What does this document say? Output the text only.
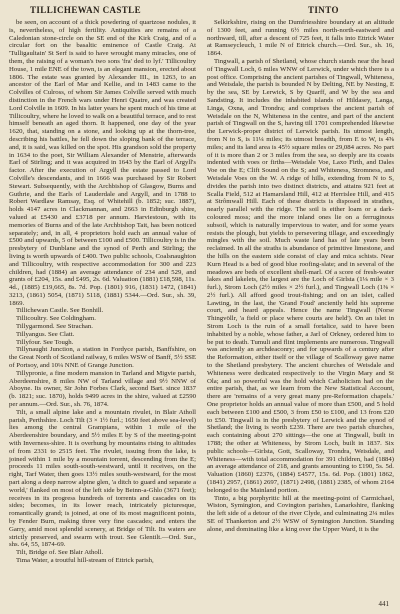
TILLICHEWAN CASTLE	TINTO

be seen, on account of a thick powdering of quartzose nodules, it is, nevertheless, of high fertility. Antiquities are remains of a Caledonian stone-circle on the SE end of the Kirk Craig, and of a circular fort on the basaltic eminence of Castle Craig. At 'Tulligaultain' St Serf is said to have wrought many miracles, one of them, the raising of a woman's two sons 'fra' ded to lyf.' Tillicoultry House, 1 mile ENE of the town, is an elegant mansion, erected about 1806. The estate was granted by Alexander III., in 1263, to an ancestor of the Earl of Mar and Kellie, and in 1483 came to the Colvilles of Culross, of whom Sir James Colville served with much distinction in the French wars under Henri Quatre, and was created Lord Colville in 1609. In his latter years he spent much of his time at Tillicoultry, where he loved to walk on a beautiful terrace, and to rest himself beneath an aged thorn. It happened, one day of the year 1620, that, standing on a stone, and looking up at the thorn-tree, describing his battles, he fell down the sloping bank of the terrace, and, it is said, was killed on the spot. His grandson sold the property in 1634 to the poet, Sir William Alexander of Menstrie, afterwards Earl of Stirling; and it was acquired in 1643 by the Earl of Argyll's factor. After the execution of Argyll the estate passed to Lord Colville's descendants, and in 1666 was purchased by Sir Robert Stewart. Subsequently, with the Archbishop of Glasgow, Burns and Guthrie, and the Earls of Lauderdale and Argyll, and in 1788 to Robert Wardlaw Ramsay, Esq. of Whitehill (b. 1852; suc. 1887), holds 4147 acres in Clackmannan, and 2663 in Edinburgh shire, valued at £5430 and £3718 per annum. Harviestoun, with its memories of Burns and of the late Archbishop Tait, has been noticed separately; and, in all, 4 proprietors hold each an annual value of £500 and upwards, 5 of between £100 and £500. Tillicoultry is in the presbytery of Dunblane and the synod of Perth and Stirling; the living is worth upwards of £400. Two public schools, Coalsnaughton and Tillicoultry, with respective accommodation for 300 and 223 children, had (1884) an average attendance of 234 and 529, and grants of £204, 15s. and £495, 2s. 6d. Valuation (1881) £18,598, 11s. 4d., (1885) £19,665, 8s. 7d. Pop. (1801) 916, (1831) 1472, (1841) 3213, (1861) 5054, (1871) 5118, (1881) 5344.—Ord. Sur., sh. 39, 1869.

Tillichewan Castle. See Bonhill.

Tillicoultry. See Coldingham.

Tillygarmond. See Strachan.

Tillyangus. See Clatt.

Tillyfour. See Tough.

Tillynaught Junction, a station in Fordyce parish, Banffshire, on the Great North of Scotland railway, 6 miles WSW of Banff, 5½ SSE of Portsoy, and 10¼ NNE of Grange Junction.

Tillypronie, a fine modern mansion in Tarland and Migvie parish, Aberdeenshire, 8 miles NW of Tarland village and 9½ NNW of Aboyne. Its owner, Sir John Forbes Clark, second Bart. since 1837 (b. 1821; suc. 1870), holds 9499 acres in the shire, valued at £2590 per annum.—Ord. Sur., sh. 76, 1874.

Tilt, a small alpine lake and a mountain rivulet, in Blair Atholl parish, Perthshire. Loch Tilt (3 × 1½ furl.; 1650 feet above sea-level) lies among the central Grampians, within 1 mile of the Aberdeenshire boundary, and 5½ miles E by S of the meeting-point with Inverness-shire. It is overhung by mountains rising to altitudes of from 2331 to 2515 feet. The rivulet, issuing from the lake, is joined within 1 mile by a mountain torrent, descending from the E; proceeds 11 miles south-south-westward, until it receives, on the right, Tarf Water, then goes 13½ miles south-westward, for the most part along a deep narrow alpine glen, 'a ditch to guard and separate a world,' flanked on most of the left side by Beinn-a-Ghlo (3671 feet); receives in its progress hundreds of torrents and cascades on its sides; becomes, in its lower reach, intricately picturesque, romantically grand; is joined, at one of its most magnificent points, by Fender Burn, making three very fine cascades; and enters the Garry, amid most splendid scenery, at Bridge of Tilt. Its waters are strictly preserved, and swarm with trout. See Glentilt.—Ord. Sur., shs. 64, 55, 1874-69.

Tilt, Bridge of. See Blair Atholl.

Tima Water, a troutful hill-stream of Ettrick parish,

Selkirkshire, rising on the Dumfriesshire boundary at an altitude of 1300 feet, and running 6½ miles north-north-eastward and northward, till, after a descent of 725 feet, it falls into Ettrick Water at Ramseycleuch, 1 mile N of Ettrick church.—Ord. Sur., sh. 16, 1864.

Tingwall, a parish of Shetland, whose church stands near the head of Tingwall Loch, 6 miles WNW of Lerwick, under which there is a post office. Comprising the ancient parishes of Tingwall, Whiteness, and Weisdale, the parish is bounded N by Delting, NE by Nesting, E by the sea, SE by Lerwick, S by Quarff, and W by the sea and Sandsting. It includes the inhabited islands of Hildasey, Langa, Linga, Oxna, and Trondra; and comprises the ancient parish of Weisdale on the N, Whiteness in the centre, and part of the ancient parish of Tingwall on the S, having till 1701 comprehended likewise the Lerwick-proper district of Lerwick parish. Its utmost length, from N to S, is 11¼ miles; its utmost breadth, from E to W, is 4⅝ miles; and its land area is 45½ square miles or 29,084 acres. No part of it is more than 2 or 3 miles from the sea, so deeply are its coasts indented with voes or firths—Weisdale Voe, Laxo Firth, and Dales Voe on the E; Clift Sound on the S; and Whiteness, Stromness, and Weisdale Voes on the W. A ridge of hills, extending from N to S, divides the parish into two distinct districts, and attains 921 feet at Scalla Field, 512 at Hamarsland Hill, 412 at Herrislee Hill, and 415 at Strômwall Hill. Each of these districts is disposed in strathes, nearly parallel with the ridge. The soil is either loam or a dark-coloured moss; and the more inland ones lie on a ferruginous subsoil, which is naturally impervious to water, and for some years resists the plough, but yields to persevering tillage, and exceedingly mingles with the soil. Much waste land has of late years been reclaimed. In all the straths is abundance of primitive limestone, and the hills on the eastern side consist of clay and mica schists. Near Kurn Head is a bed of good blue roofing-slate; and in several of the meadows are beds of excellent shell-marl. Of a score of fresh-water lakes and lakelets, the largest are the Loch of Girlsta (1⅛ mile × 3 furl.), Strom Loch (2½ miles × 2½ furl.), and Tingwall Loch (1⅜ × 2½ furl.). All afford good trout-fishing; and on an islet, called Lawting, in the last, the 'Grand Foud' anciently held his supreme court, and heard appeals. Hence the name Tingwall (Norse Thingvöllr, 'a field or place where courts are held'). On an islet in Strom Loch is the ruin of a small fortalice, said to have been inhabited by a noble, whose father, a Jarl of Orkney, ordered him to be put to death. Tumuli and flint implements are numerous. Tingwall was anciently an archdeaconry; and for upwards of a century after the Reformation, either itself or the village of Scalloway gave name to the Shetland presbytery. The ancient churches of Weisdale and Whiteness were dedicated respectively to the Virgin Mary and St Ola; and so powerful was the hold which Catholicism had on the entire parish, that, as we learn from the New Statistical Account, there are 'remains of a very great many pre-Reformation chapels.' One proprietor holds an annual value of more than £500, and 5 hold each between £100 and £500, 3 from £50 to £100, and 13 from £20 to £50. Tingwall is in the presbytery of Lerwick and the synod of Shetland; the living is worth £239. There are two parish churches, each containing about 270 sittings—the one at Tingwall, built in 1788; the other at Whiteness, by Strom Loch, built in 1837. Six public schools—Girlsta, Gott, Scalloway, Trondra, Weisdale, and Whiteness—with total accommodation for 391 children, had (1884) an average attendance of 218, and grants amounting to £190, 5s. 5d. Valuation (1860) £2376, (1884) £4577, 15s. 6d. Pop. (1801) 1862, (1841) 2957, (1861) 2697, (1871) 2498, (1881) 2385, of whom 2164 belonged to the Mainland portion.

Tinto, a big porphyritic hill at the meeting-point of Carmichael, Wiston, Symington, and Covington parishes, Lanarkshire, flanking the left side of a detour of the river Clyde, and culminating 2¼ miles SE of Thankerton and 2½ WSW of Symington Junction. Standing alone, and dominating like a king over the Upper Ward, it is the

441
